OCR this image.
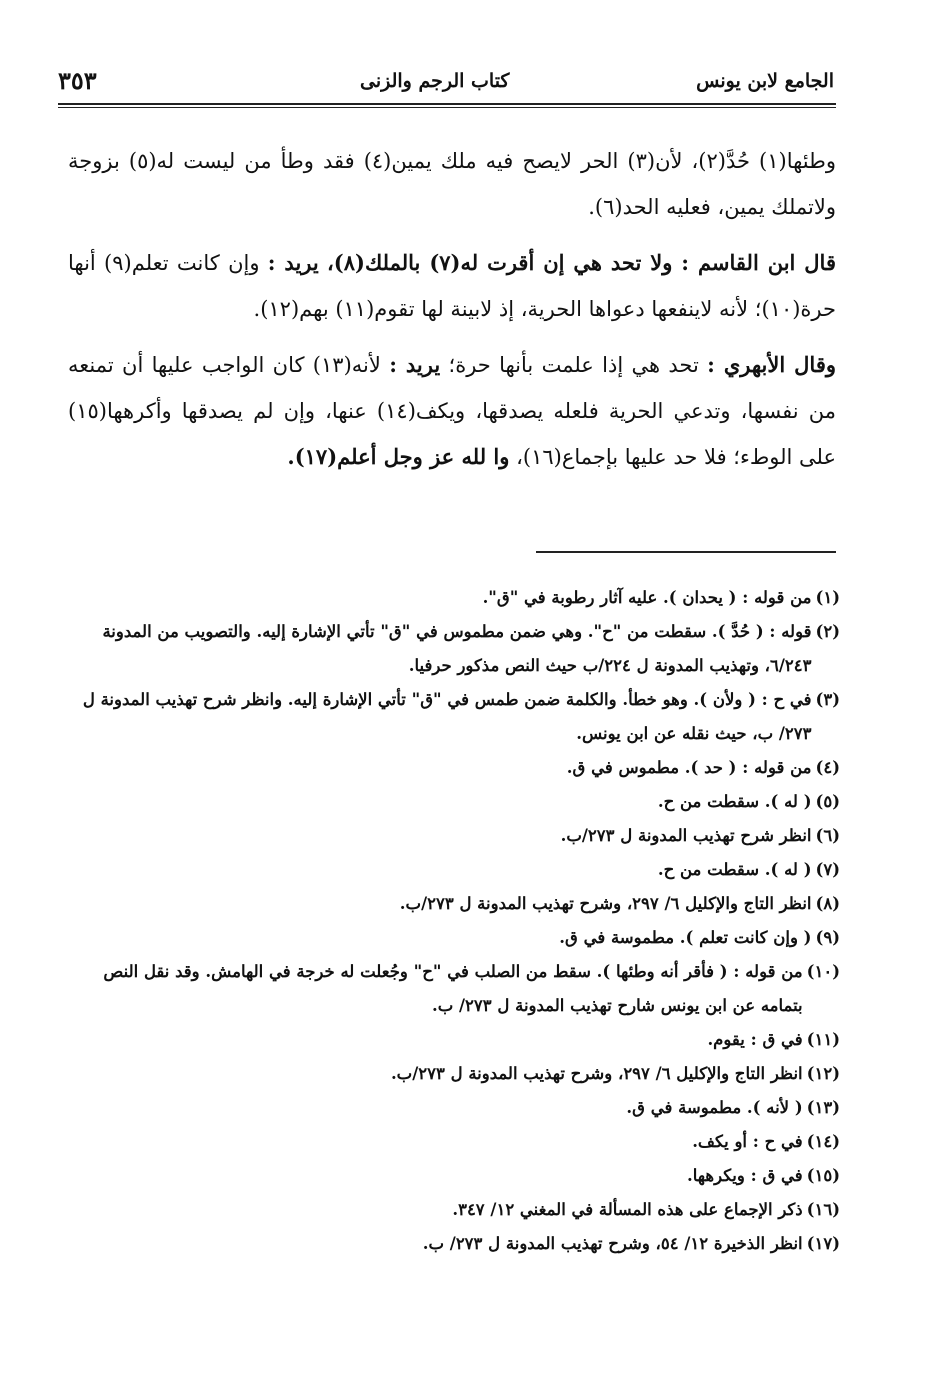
الجامع لابن يونس
كتاب الرجم والزنى
٣٥٣

وطئها(١) حُدَّ(٢)، لأن(٣) الحر لايصح فيه ملك يمين(٤) فقد وطأ من ليست له(٥) بزوجة ولاتملك يمين، فعليه الحد(٦).

قال ابن القاسم : ولا تحد هي إن أقرت له(٧) بالملك(٨)، يريد : وإن كانت تعلم(٩) أنها حرة(١٠)؛ لأنه لاينفعها دعواها الحرية، إذ لابينة لها تقوم(١١) بهم(١٢).

وقال الأبهري : تحد هي إذا علمت بأنها حرة؛ يريد : لأنه(١٣) كان الواجب عليها أن تمنعه من نفسها، وتدعي الحرية فلعله يصدقها، ويكف(١٤) عنها، وإن لم يصدقها وأكرهها(١٥) على الوطء؛ فلا حد عليها بإجماع(١٦)، وا لله عز وجل أعلم(١٧).

(١)
من قوله : ( يحدان ). عليه آثار رطوبة في "ق".
(٢)
قوله : ( حُدَّ ). سقطت من "ح". وهي ضمن مطموس في "ق" تأتي الإشارة إليه. والتصويب من المدونة ٦/٢٤٣، وتهذيب المدونة ل ٢٢٤/ب حيث النص مذكور حرفيا.
(٣)
في ح : ( ولأن ). وهو خطأ. والكلمة ضمن طمس في "ق" تأتي الإشارة إليه. وانظر شرح تهذيب المدونة ل ٢٧٣/ ب، حيث نقله عن ابن يونس.
(٤)
من قوله : ( حد ). مطموس في ق.
(٥)
( له ). سقطت من ح.
(٦)
انظر شرح تهذيب المدونة ل ٢٧٣/ب.
(٧)
( له ). سقطت من ح.
(٨)
انظر التاج والإكليل ٦/ ٢٩٧، وشرح تهذيب المدونة ل ٢٧٣/ب.
(٩)
( وإن كانت تعلم ). مطموسة في ق.
(١٠)
من قوله : ( فأقر أنه وطئها ). سقط من الصلب في "ح" وجُعلت له خرجة في الهامش. وقد نقل النص بتمامه عن ابن يونس شارح تهذيب المدونة ل ٢٧٣/ ب.
(١١)
في ق : يقوم.
(١٢)
انظر التاج والإكليل ٦/ ٢٩٧، وشرح تهذيب المدونة ل ٢٧٣/ب.
(١٣)
( لأنه ). مطموسة في ق.
(١٤)
في ح : أو يكف.
(١٥)
في ق : ويكرهها.
(١٦)
ذكر الإجماع على هذه المسألة في المغني ١٢/ ٣٤٧.
(١٧)
انظر الذخيرة ١٢/ ٥٤، وشرح تهذيب المدونة ل ٢٧٣/ ب.
